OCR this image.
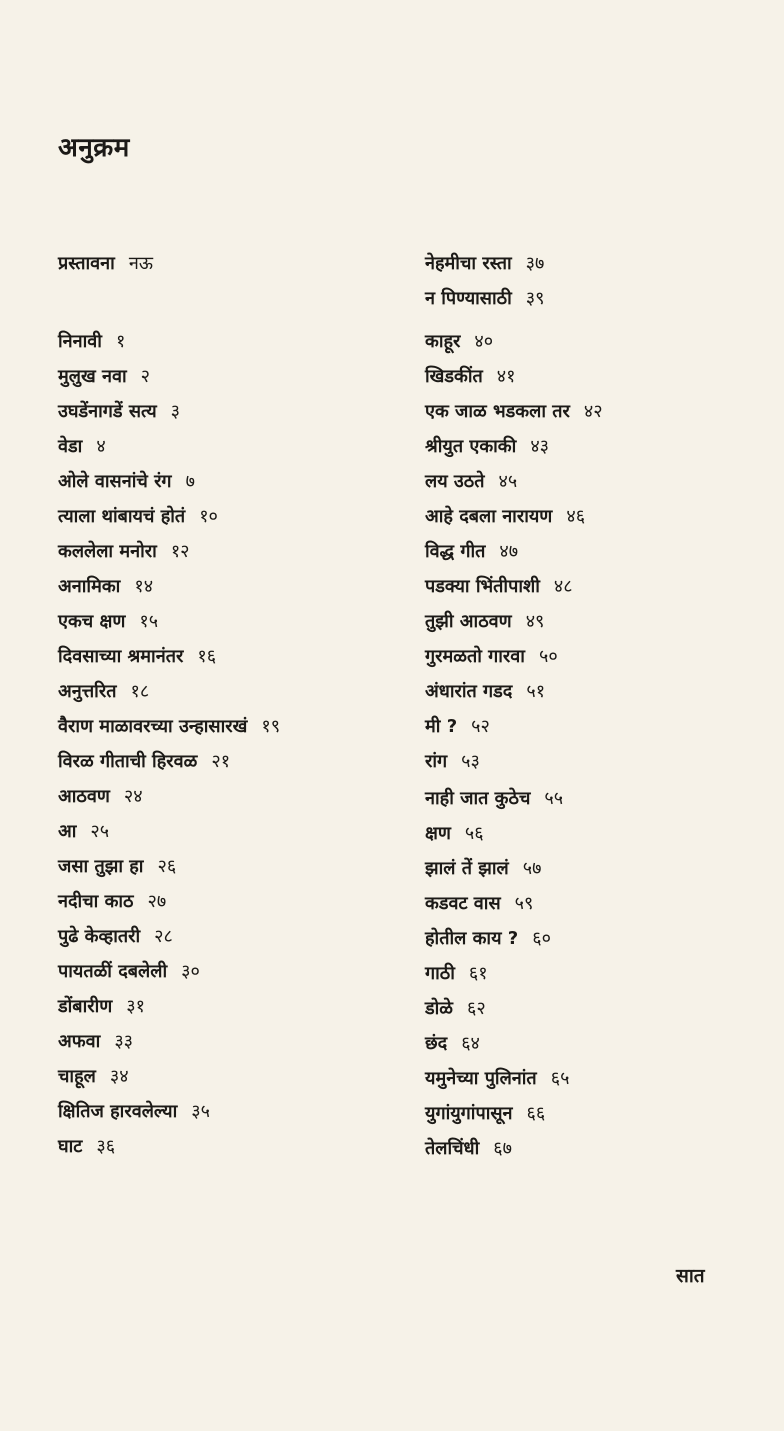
अनुक्रम
प्रस्तावना नऊ
निनावी १
मुलुख नवा २
उघडेंनागडें सत्य ३
वेडा ४
ओले वासनांचे रंग ७
त्याला थांबायचं होतं १०
कललेला मनोरा १२
अनामिका १४
एकच क्षण १५
दिवसाच्या श्रमानंतर १६
अनुत्तरित १८
वैराण माळावरच्या उन्हासारखं १९
विरळ गीताची हिरवळ २१
आठवण २४
आ २५
जसा तुझा हा २६
नदीचा काठ २७
पुढे केव्हातरी २८
पायतळीं दबलेली ३०
डोंबारीण ३१
अफवा ३३
चाहूल ३४
क्षितिज हारवलेल्या ३५
घाट ३६
नेहमीचा रस्ता ३७
न पिण्यासाठी ३९
काहूर ४०
खिडकींत ४१
एक जाळ भडकला तर ४२
श्रीयुत एकाकी ४३
लय उठते ४५
आहे दबला नारायण ४६
विद्ध गीत ४७
पडक्या भिंतीपाशी ४८
तुझी आठवण ४९
गुरमळतो गारवा ५०
अंधारांत गडद ५१
मी ? ५२
रांग ५३
नाही जात कुठेच ५५
क्षण ५६
झालं तें झालं ५७
कडवट वास ५९
होतील काय ? ६०
गाठी ६१
डोळे ६२
छंद ६४
यमुनेच्या पुलिनांत ६५
युगांयुगांपासून ६६
तेलचिंधी ६७
सात
